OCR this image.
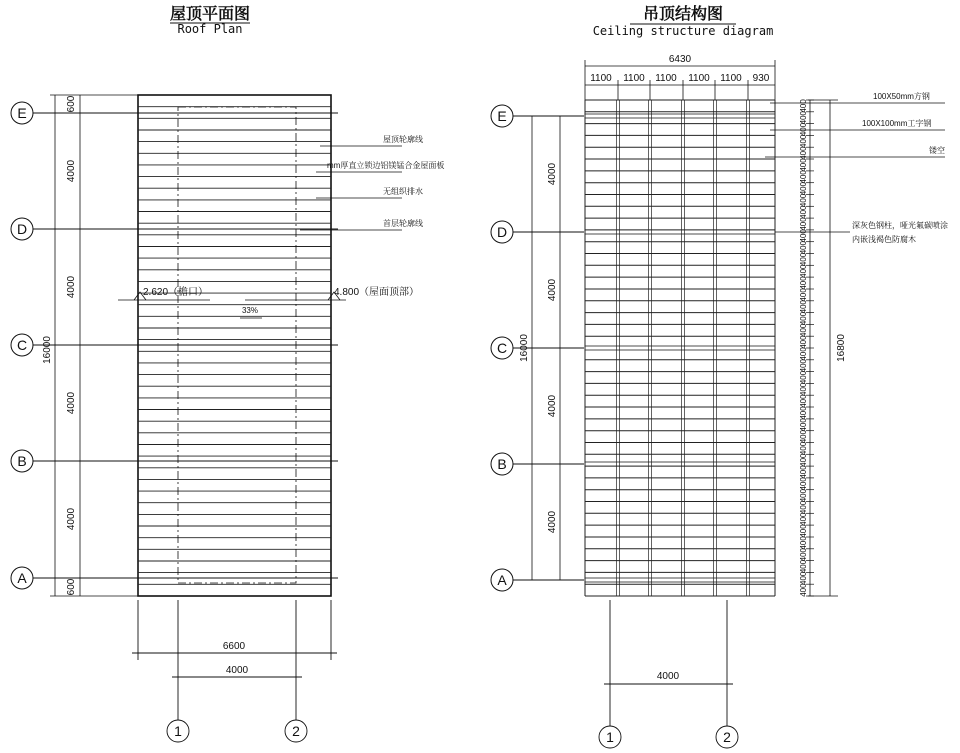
屋顶平面图
Roof Plan
吊顶结构图
Ceiling structure diagram
E
D
C
B
A
600
4000
4000
4000
4000
600
16000
1	2
6600
4000
2.620（檐口）	4.800（屋面顶部）
33%
屋顶轮廓线
mm厚直立锁边铝镁锰合金屋面板
无组织排水
首层轮廓线
E
D
C
B
A
4000
4000
4000
4000
16000
6430
1100 1100 1100 1100 1100 930
400
400
400
400
400
400
400
400
400
400
400
400
400
400
400
400
400
400
400
400
400
400
400
400
400
400
400
400
400
400
400
400
400
400
400
400
400
400
400
400
400
400
16800
100X50mm方钢
100X100mm工字钢
镂空
深灰色钢柱，哑光氟碳喷涂
内嵌浅褐色防腐木
1	2
4000
